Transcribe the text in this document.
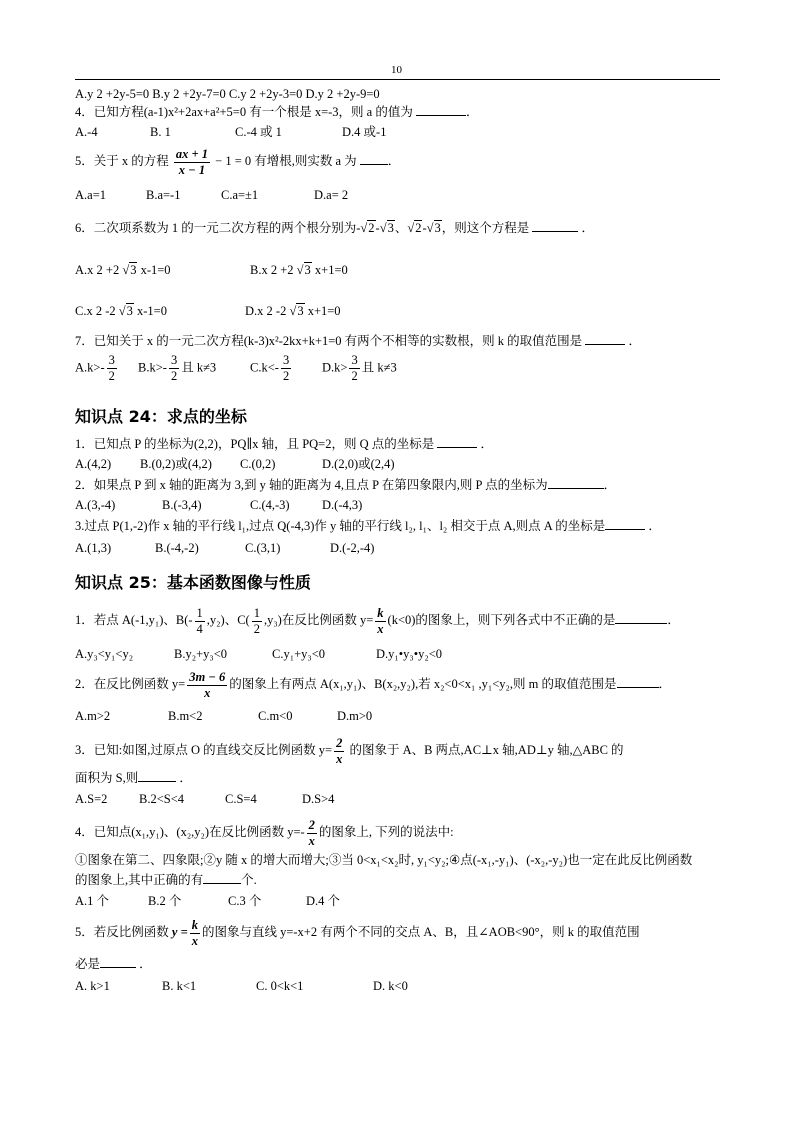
10
A.y 2 +2y-5=0 B.y 2 +2y-7=0 C.y 2 +2y-3=0 D.y 2 +2y-9=0
4．已知方程(a-1)x²+2ax+a²+5=0 有一个根是 x=-3，则 a 的值为	．
A.-4	B. 1	C.-4 或 1	D.4 或-1
5．关于 x 的方程 $\frac{ax + 1}{x - 1} - 1 = 0$ 有增根,则实数 a 为 ．
A.a=1	B.a=-1	C.a=±1	D.a= 2
6．二次项系数为 1 的一元二次方程的两个根分别为-√2-√3、√2-√3，则这个方程是	．
A.x 2 +2 √3 x-1=0	B.x 2 +2 √3 x+1=0
C.x 2 -2 √3 x-1=0	D.x 2 -2 √3 x+1=0
7．已知关于 x 的一元二次方程(k-3)x²-2kx+k+1=0 有两个不相等的实数根，则 k 的取值范围是	．
$A.k>- \frac{3}{2} B.k>- \frac{3}{2}$ 且 k≠3	$C.k<- \frac{3}{2} D.k> \frac{3}{2}$ 且 k≠3
知识点 24：求点的坐标
1．已知点 P 的坐标为(2,2)，PQ∥x 轴，且 PQ=2，则 Q 点的坐标是	．
A.(4,2) B.(0,2)或(4,2) C.(0,2)	D.(2,0)或(2,4)
2．如果点 P 到 x 轴的距离为 3,到 y 轴的距离为 4,且点 P 在第四象限内,则 P 点的坐标为	．
A.(3,-4)	B.(-3,4)	C.(4,-3)	D.(-4,3)
3.过点 P(1,-2)作 x 轴的平行线 l₁,过点 Q(-4,3)作 y 轴的平行线 l₂, l₁、l₂ 相交于点 A,则点 A 的坐标是	．
A.(1,3)	B.(-4,-2)	C.(3,1)	D.(-2,-4)
知识点 25：基本函数图像与性质
1．若点 A(-1,y₁)、$B(- \frac{1}{4} ,y_2)$、$C( \frac{1}{2} ,y_3)$在反比例函数 $y= \frac{k}{x} (k<0)$的图象上，则下列各式中不正确的是	．
A.y₃<y₁<y₂	B.y₂+y₃<0	C.y₁+y₃<0	D.y₁•y₃•y₂<0
2．在反比例函数 $y= \frac{3m - 6}{x}$ 的图象上有两点 A(x₁,y₁)、B(x₂,y₂),若 x₂<0<x₁ ,y₁<y₂,则 m 的取值范围是	．
A.m>2	B.m<2	C.m<0	D.m>0
3．已知:如图,过原点 O 的直线交反比例函数 $y= \frac{2}{x}$ 的图象于 A、B 两点,AC⊥x 轴,AD⊥y 轴,△ABC 的
面积为 S,则	．
A.S=2	B.2<S<4	C.S=4	D.S>4
4．已知点(x₁,y₁)、(x₂,y₂)在反比例函数 $y=- \frac{2}{x}$ 的图象上, 下列的说法中:
①图象在第二、四象限;②y 随 x 的增大而增大;③当 0<x₁<x₂时, y₁<y₂;④点(-x₁,-y₁)、(-x₂,-y₂)也一定在此反比例函数
的图象上,其中正确的有	个.
A.1 个	B.2 个	C.3 个	D.4 个
5．若反比例函数 $y = \frac{k}{x}$ 的图象与直线 y=-x+2 有两个不同的交点 A、B，且∠AOB<90°，则 k 的取值范围
必是	．
A. k>1	B. k<1	C. 0<k<1	D. k<0
